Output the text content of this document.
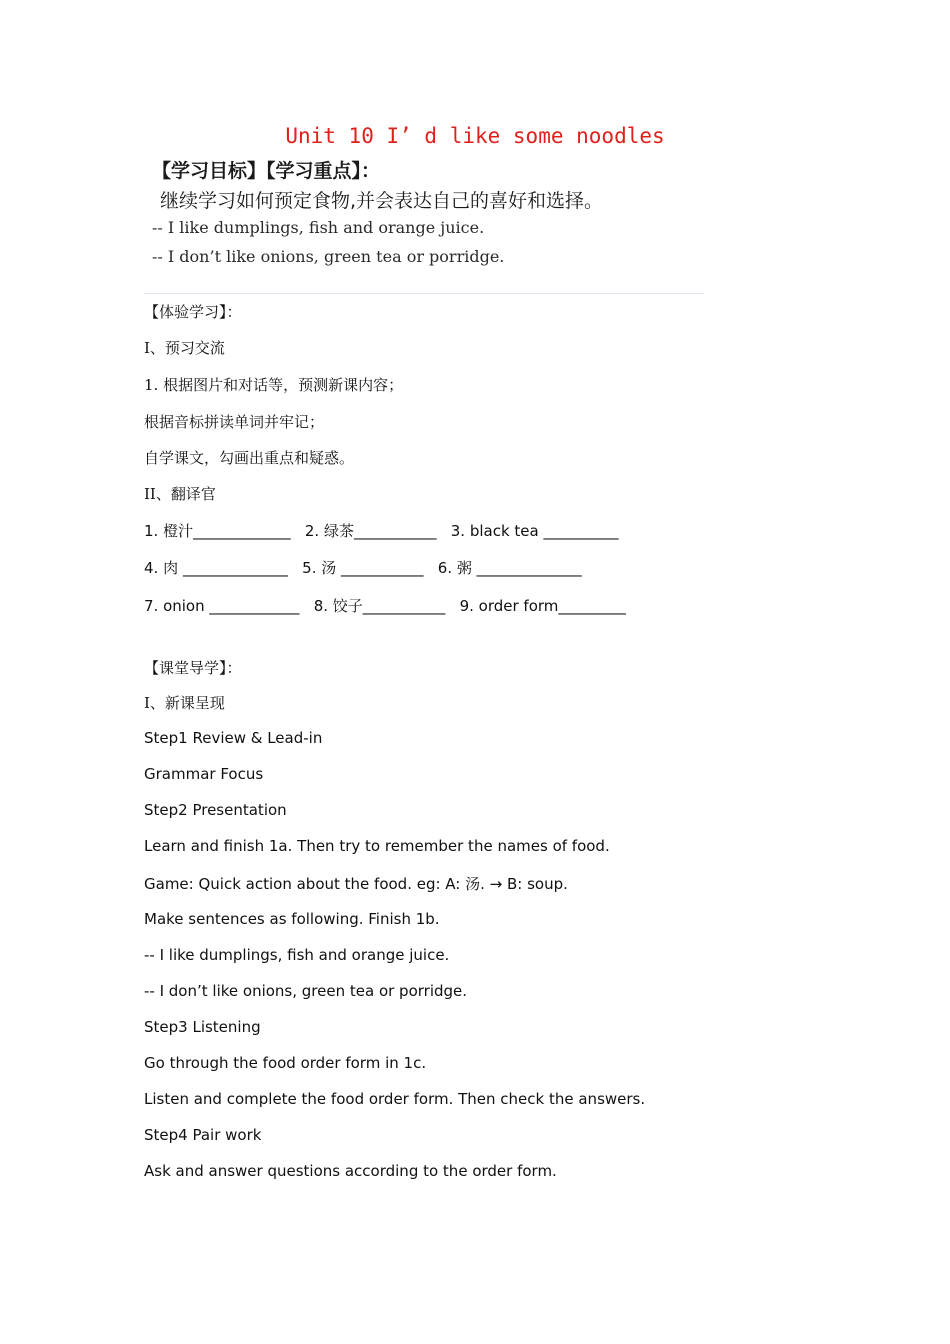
Unit 10 I’ d like some noodles
【学习目标】【学习重点】：
继续学习如何预定食物,并会表达自己的喜好和选择。
-- I like dumplings, fish and orange juice.
-- I don’t like onions, green tea or porridge.
【体验学习】：
I、预习交流
1. 根据图片和对话等，预测新课内容；
根据音标拼读单词并牢记；
自学课文，勾画出重点和疑惑。
II、翻译官
1. 橙汁_____________   2. 绿茶___________   3. black tea __________
4. 肉 ______________   5. 汤 ___________   6. 粥 ______________
7. onion ____________   8. 饺子___________   9. order form_________
【课堂导学】：
I、新课呈现
Step1 Review & Lead-in
Grammar Focus
Step2 Presentation
Learn and finish 1a. Then try to remember the names of food.
Game: Quick action about the food. eg: A: 汤. → B: soup.
Make sentences as following. Finish 1b.
-- I like dumplings, fish and orange juice.
-- I don’t like onions, green tea or porridge.
Step3 Listening
Go through the food order form in 1c.
Listen and complete the food order form. Then check the answers.
Step4 Pair work
Ask and answer questions according to the order form.
